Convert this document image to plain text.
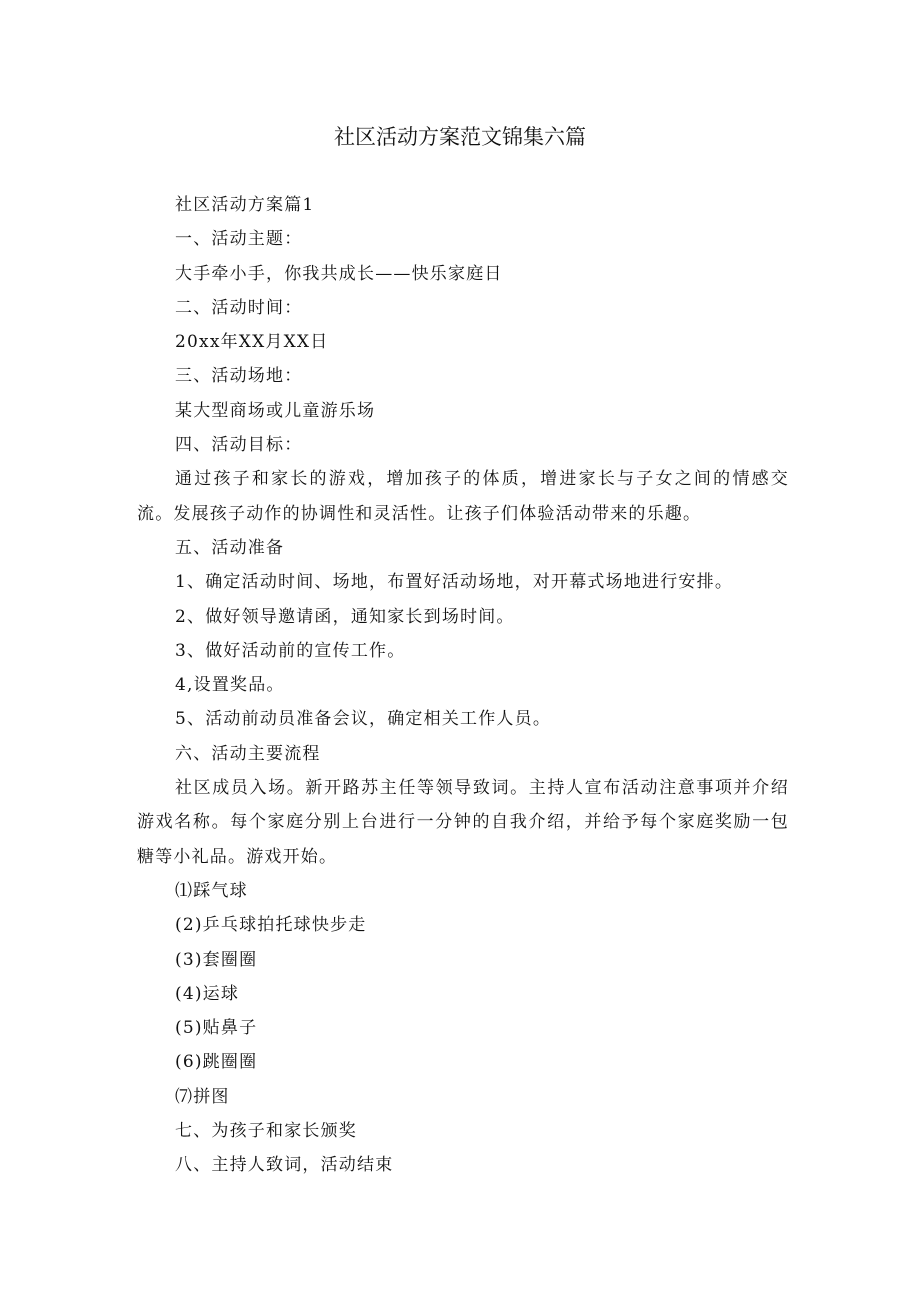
社区活动方案范文锦集六篇

社区活动方案篇1

一、活动主题：

大手牵小手，你我共成长——快乐家庭日

二、活动时间：

20xx年XX月XX日

三、活动场地：

某大型商场或儿童游乐场

四、活动目标：

通过孩子和家长的游戏，增加孩子的体质，增进家长与子女之间的情感交流。发展孩子动作的协调性和灵活性。让孩子们体验活动带来的乐趣。

五、活动准备

1、确定活动时间、场地，布置好活动场地，对开幕式场地进行安排。

2、做好领导邀请函，通知家长到场时间。

3、做好活动前的宣传工作。

4,设置奖品。

5、活动前动员准备会议，确定相关工作人员。

六、活动主要流程

社区成员入场。新开路苏主任等领导致词。主持人宣布活动注意事项并介绍游戏名称。每个家庭分别上台进行一分钟的自我介绍，并给予每个家庭奖励一包糖等小礼品。游戏开始。

⑴踩气球

(2)乒乓球拍托球快步走

(3)套圈圈

(4)运球

(5)贴鼻子

(6)跳圈圈

⑺拼图

七、为孩子和家长颁奖

八、主持人致词，活动结束
